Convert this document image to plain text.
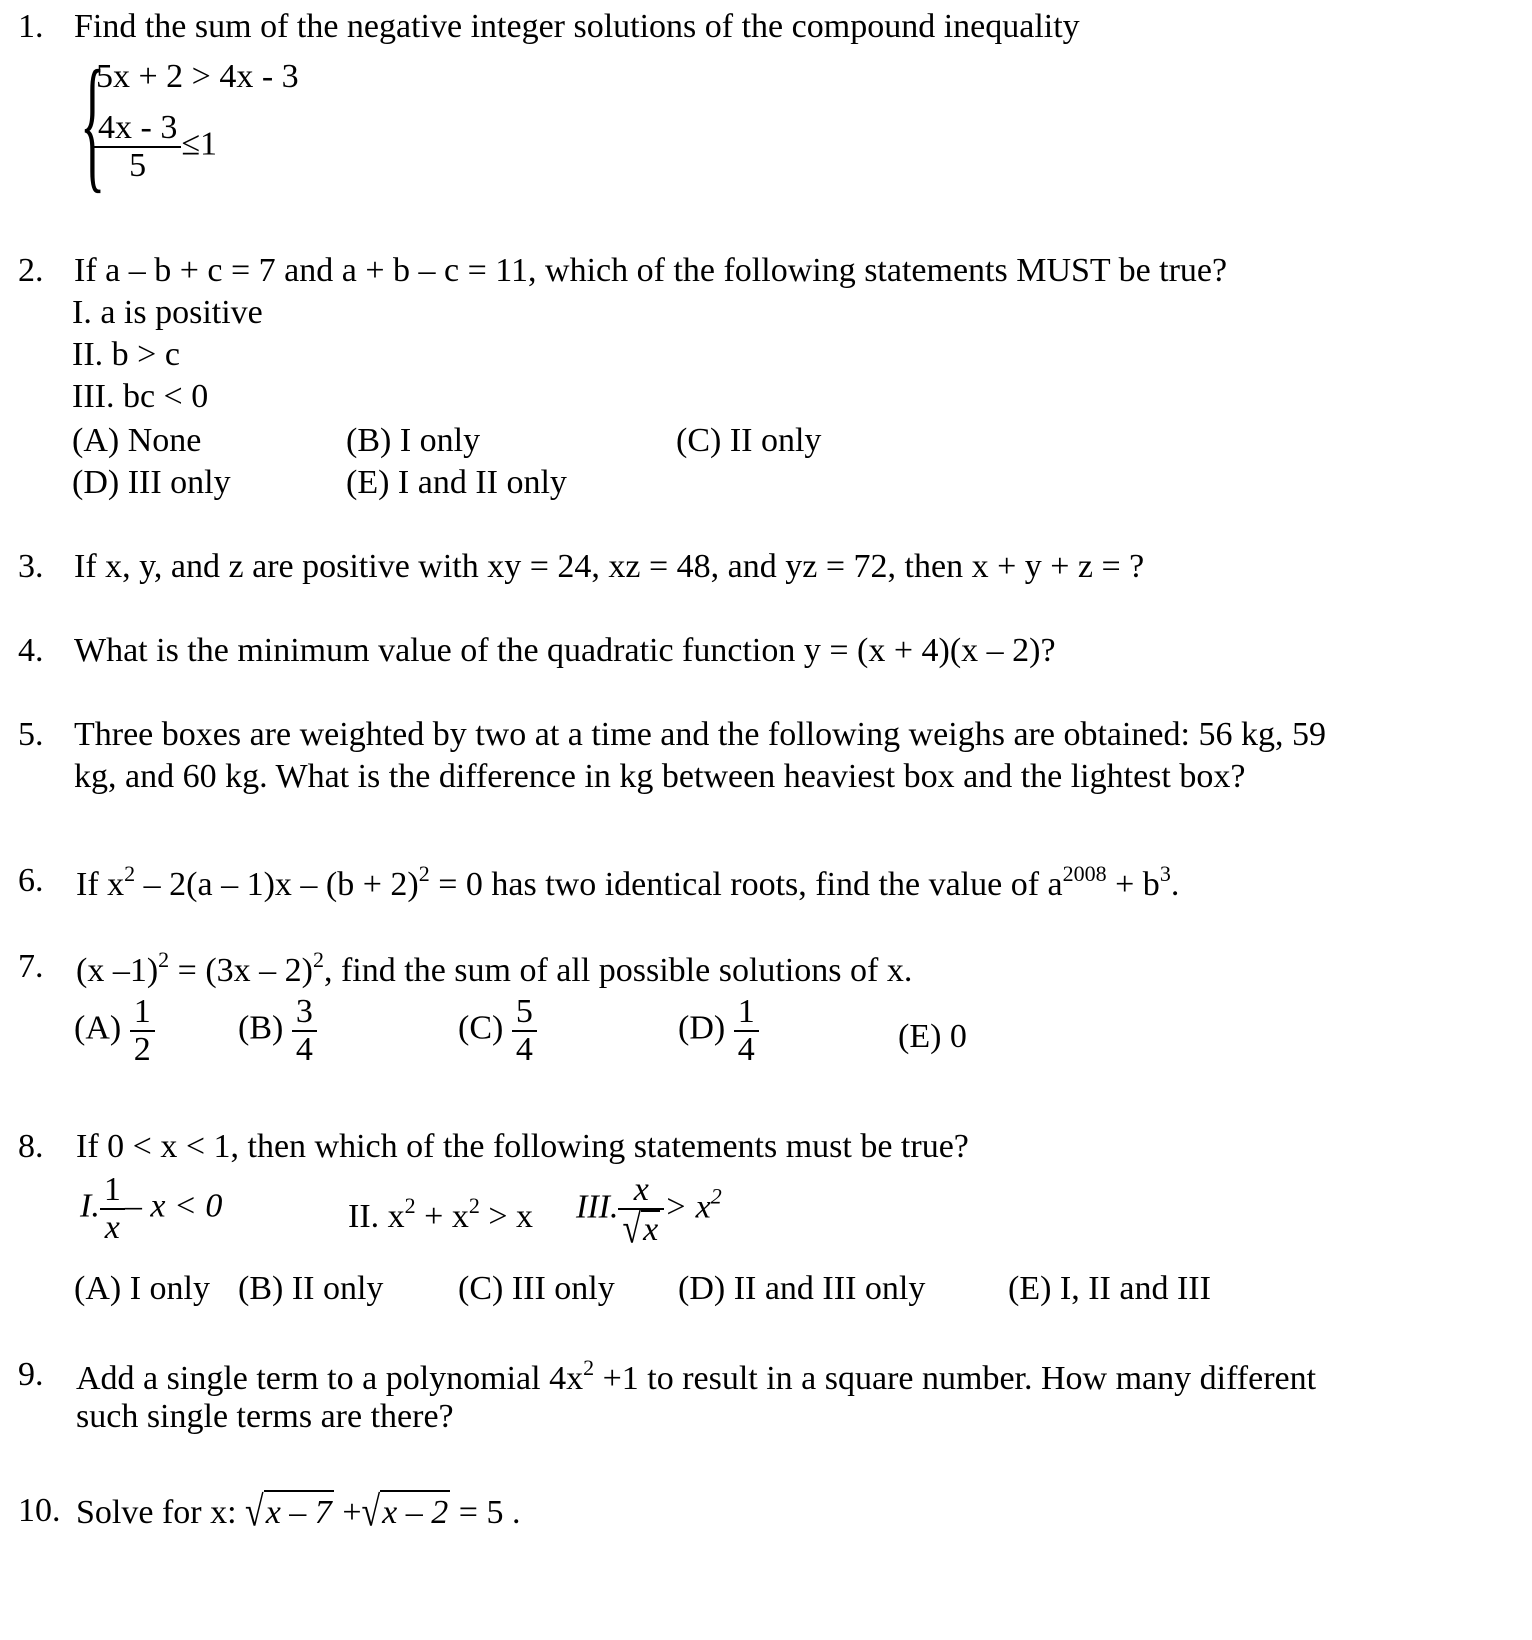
1. Find the sum of the negative integer solutions of the compound inequality
{
5x + 2 > 4x - 3
$\frac{4x - 3}{5} \le 1$
2. If a – b + c = 7 and a + b – c = 11, which of the following statements MUST be true?
I. a is positive
II. b > c
III. bc < 0
(A) None	(B) I only	(C) II only
(D) III only	(E) I and II only
3. If x, y, and z are positive with xy = 24, xz = 48, and yz = 72, then x + y + z = ?
4. What is the minimum value of the quadratic function y = (x + 4)(x – 2)?
5. Three boxes are weighted by two at a time and the following weighs are obtained: 56 kg, 59
kg, and 60 kg. What is the difference in kg between heaviest box and the lightest box?
6. If $x^2 - 2(a - 1)x - (b + 2)^2 = 0$ has two identical roots, find the value of $a^{2008} + b^3$.
7. (x –1)$^2$ = (3x – 2)$^2$, find the sum of all possible solutions of x.
$(A) \frac{1}{2} (B) \frac{3}{4}$	$(C) \frac{5}{4}$	$(D) \frac{1}{4}$	(E) 0
8. If 0 < x < 1, then which of the following statements must be true?
I. $\frac{1}{x} - x < 0$	II. $x^2 + x^2 > x$ III. $\frac{x}{√x} > x^2$
(A) I only (B) II only (C) III only (D) II and III only (E) I, II and III
9. Add a single term to a polynomial $4x^2 +1$ to result in a square number. How many different
such single terms are there?
10. Solve for x: √x – 7 +√x – 2 = 5 .
